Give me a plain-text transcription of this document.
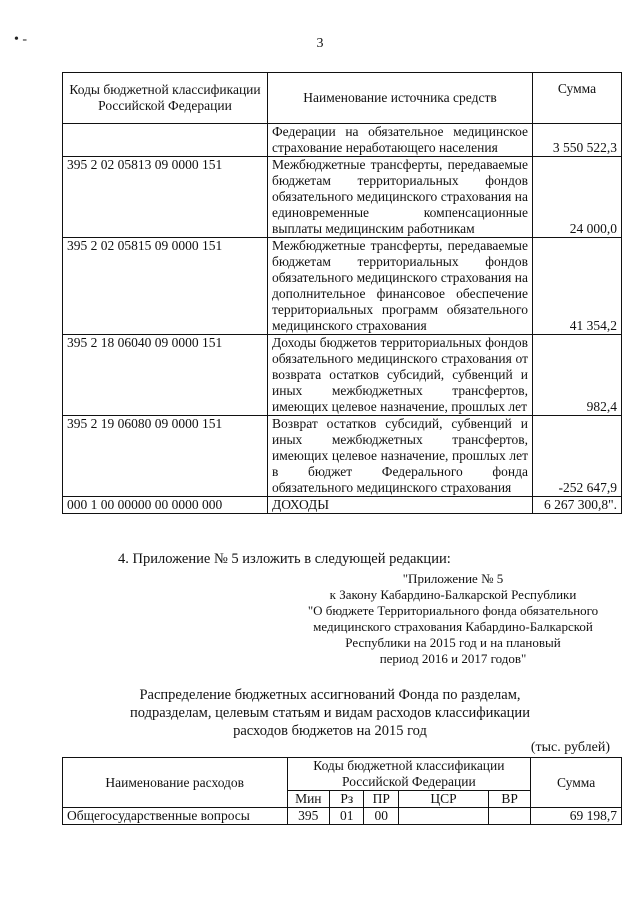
• -	3
Коды бюджетной классификации Российской Федерации	Наименование источника средств	Сумма
	Федерации на обязательное медицинское страхование неработающего населения	3 550 522,3
395 2 02 05813 09 0000 151	Межбюджетные трансферты, передаваемые бюджетам территориальных фондов обязательного медицинского страхования на единовременные компенсационные выплаты медицинским работникам	24 000,0
395 2 02 05815 09 0000 151	Межбюджетные трансферты, передаваемые бюджетам территориальных фондов обязательного медицинского страхования на дополнительное финансовое обеспечение территориальных программ обязательного медицинского страхования	41 354,2
395 2 18 06040 09 0000 151	Доходы бюджетов территориальных фондов обязательного медицинского страхования от возврата остатков субсидий, субвенций и иных межбюджетных трансфертов, имеющих целевое назначение, прошлых лет	982,4
395 2 19 06080 09 0000 151	Возврат остатков субсидий, субвенций и иных межбюджетных трансфертов, имеющих целевое назначение, прошлых лет в бюджет Федерального фонда обязательного медицинского страхования	-252 647,9
000 1 00 00000 00 0000 000	ДОХОДЫ	6 267 300,8".
4. Приложение № 5 изложить в следующей редакции:
"Приложение № 5
к Закону Кабардино-Балкарской Республики
"О бюджете Территориального фонда обязательного
медицинского страхования Кабардино-Балкарской
Республики на 2015 год и на плановый
период 2016 и 2017 годов"
Распределение бюджетных ассигнований Фонда по разделам,
подразделам, целевым статьям и видам расходов классификации
расходов бюджетов на 2015 год
(тыс. рублей)
Наименование расходов	Коды бюджетной классификации Российской Федерации					Сумма
	Мин	Рз	ПР	ЦСР	ВР	
Общегосударственные вопросы	395	01	00			69 198,7
